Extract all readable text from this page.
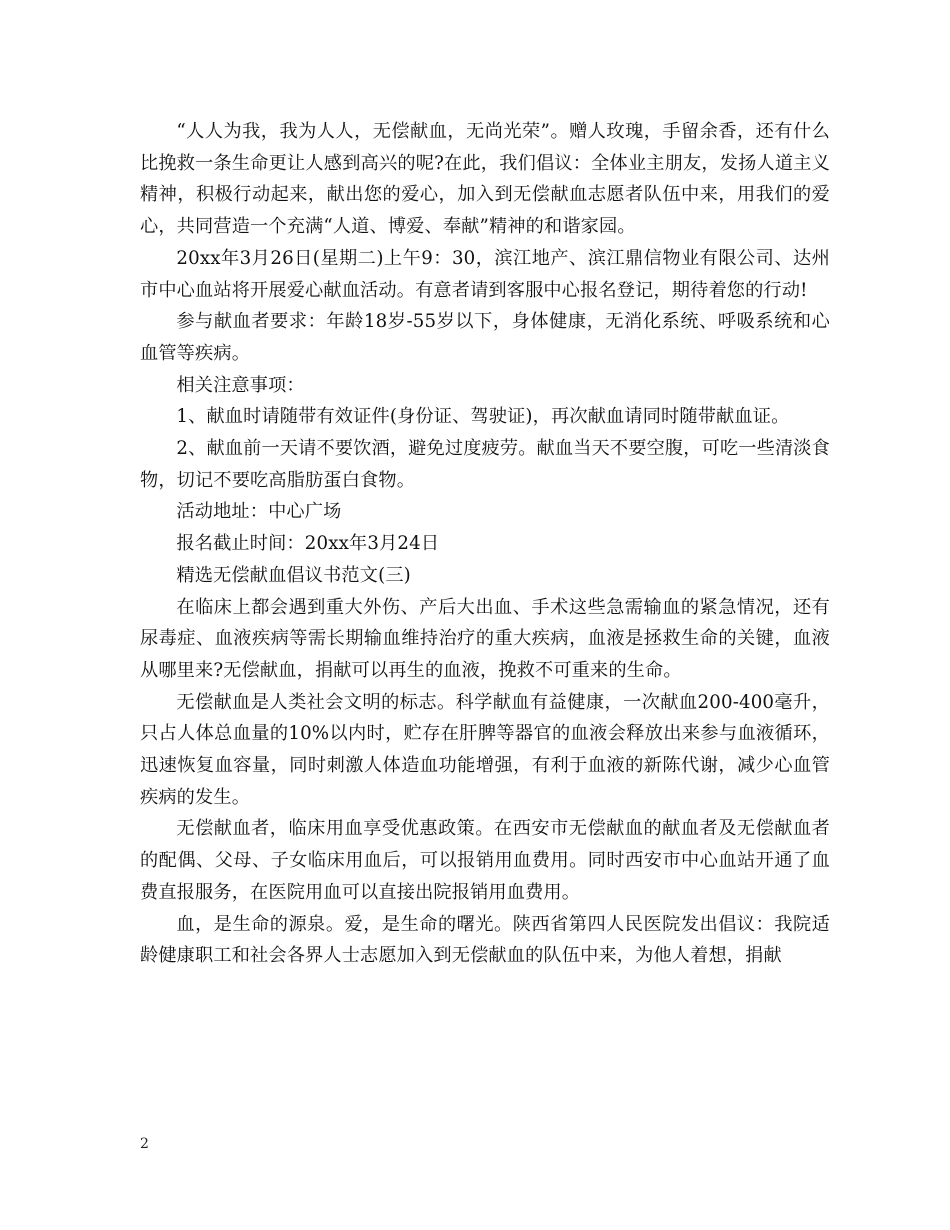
“人人为我，我为人人，无偿献血，无尚光荣”。赠人玫瑰，手留余香，还有什么比挽救一条生命更让人感到高兴的呢?在此，我们倡议：全体业主朋友，发扬人道主义精神，积极行动起来，献出您的爱心，加入到无偿献血志愿者队伍中来，用我们的爱心，共同营造一个充满“人道、博爱、奉献”精神的和谐家园。

20xx年3月26日(星期二)上午9：30，滨江地产、滨江鼎信物业有限公司、达州市中心血站将开展爱心献血活动。有意者请到客服中心报名登记，期待着您的行动!

参与献血者要求：年龄18岁-55岁以下，身体健康，无消化系统、呼吸系统和心血管等疾病。

相关注意事项：

1、献血时请随带有效证件(身份证、驾驶证)，再次献血请同时随带献血证。

2、献血前一天请不要饮酒，避免过度疲劳。献血当天不要空腹，可吃一些清淡食物，切记不要吃高脂肪蛋白食物。

活动地址：中心广场

报名截止时间：20xx年3月24日

精选无偿献血倡议书范文(三)

在临床上都会遇到重大外伤、产后大出血、手术这些急需输血的紧急情况，还有尿毒症、血液疾病等需长期输血维持治疗的重大疾病，血液是拯救生命的关键，血液从哪里来?无偿献血，捐献可以再生的血液，挽救不可重来的生命。

无偿献血是人类社会文明的标志。科学献血有益健康，一次献血200-400毫升，只占人体总血量的10%以内时，贮存在肝脾等器官的血液会释放出来参与血液循环，迅速恢复血容量，同时刺激人体造血功能增强，有利于血液的新陈代谢，减少心血管疾病的发生。

无偿献血者，临床用血享受优惠政策。在西安市无偿献血的献血者及无偿献血者的配偶、父母、子女临床用血后，可以报销用血费用。同时西安市中心血站开通了血费直报服务，在医院用血可以直接出院报销用血费用。

血，是生命的源泉。爱，是生命的曙光。陕西省第四人民医院发出倡议：我院适龄健康职工和社会各界人士志愿加入到无偿献血的队伍中来，为他人着想，捐献

2
